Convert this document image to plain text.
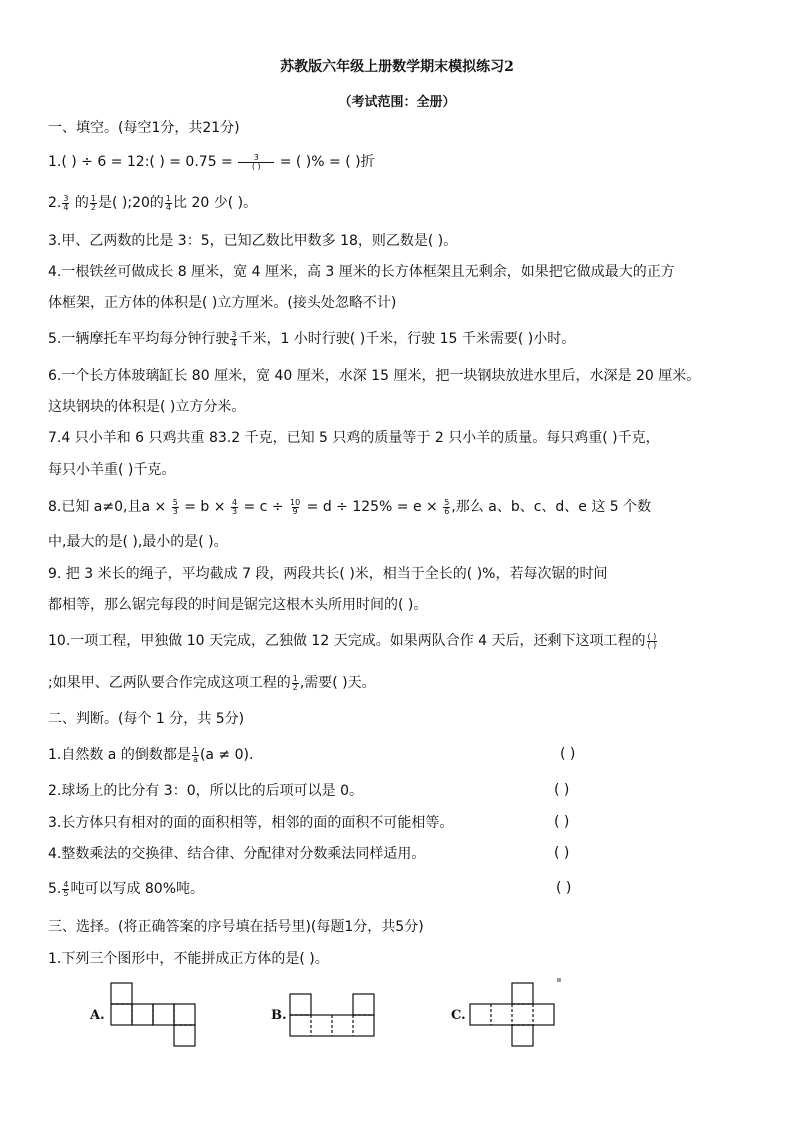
苏教版六年级上册数学期末模拟练习2
（考试范围：全册）
一、填空。(每空1分，共21分)
1.( ) ÷ 6 = 12:( ) = $0.75 = \frac{3}{( )}$ = ( )% = ( )折
2. $\frac{3}{4}$ 的 $\frac{1}{2}$ 是( );20的 $\frac{1}{4}$ 比 20 少( )。
3.甲、乙两数的比是 3：5，已知乙数比甲数多 18，则乙数是( )。
4.一根铁丝可做成长 8 厘米，宽 4 厘米，高 3 厘米的长方体框架且无剩余，如果把它做成最大的正方
体框架，正方体的体积是( )立方厘米。(接头处忽略不计)
5.一辆摩托车平均每分钟行驶 $\frac{3}{4}$ 千米，1 小时行驶( )千米，行驶 15 千米需要( )小时。
6.一个长方体玻璃缸长 80 厘米，宽 40 厘米，水深 15 厘米，把一块钢块放进水里后，水深是 20 厘米。
这块钢块的体积是( )立方分米。
7.4 只小羊和 6 只鸡共重 83.2 千克，已知 5 只鸡的质量等于 2 只小羊的质量。每只鸡重( )千克，
每只小羊重( )千克。
8.已知 a≠0,且$a \times \frac{5}{3} = b \times \frac{4}{3} = c \div \frac{10}{9} = d \div 125\% = e \times \frac{5}{6}$ ,那么 a、b、c、d、e 这 5 个数
中,最大的是( ),最小的是( )。
9. 把 3 米长的绳子，平均截成 7 段，两段共长( )米，相当于全长的( )%，若每次锯的时间
都相等，那么锯完每段的时间是锯完这根木头所用时间的( )。
10.一项工程，甲独做 10 天完成，乙独做 12 天完成。如果两队合作 4 天后，还剩下这项工程的 $\frac{( )}{( )}$
;如果甲、乙两队要合作完成这项工程的 $\frac{1}{2}$ ,需要( )天。
二、判断。(每个 1 分，共 5分)
1.自然数 a 的倒数都是 $\frac{1}{a} (a \ne 0)$.	( )
2.球场上的比分有 3：0，所以比的后项可以是 0。	( )
3.长方体只有相对的面的面积相等，相邻的面的面积不可能相等。	( )
4.整数乘法的交换律、结合律、分配律对分数乘法同样适用。	( )
5. $\frac{4}{5}$ 吨可以写成 80%吨。	( )
三、选择。(将正确答案的序号填在括号里)(每题1分，共5分)
1.下列三个图形中，不能拼成正方体的是( )。
A.	B.	C.
